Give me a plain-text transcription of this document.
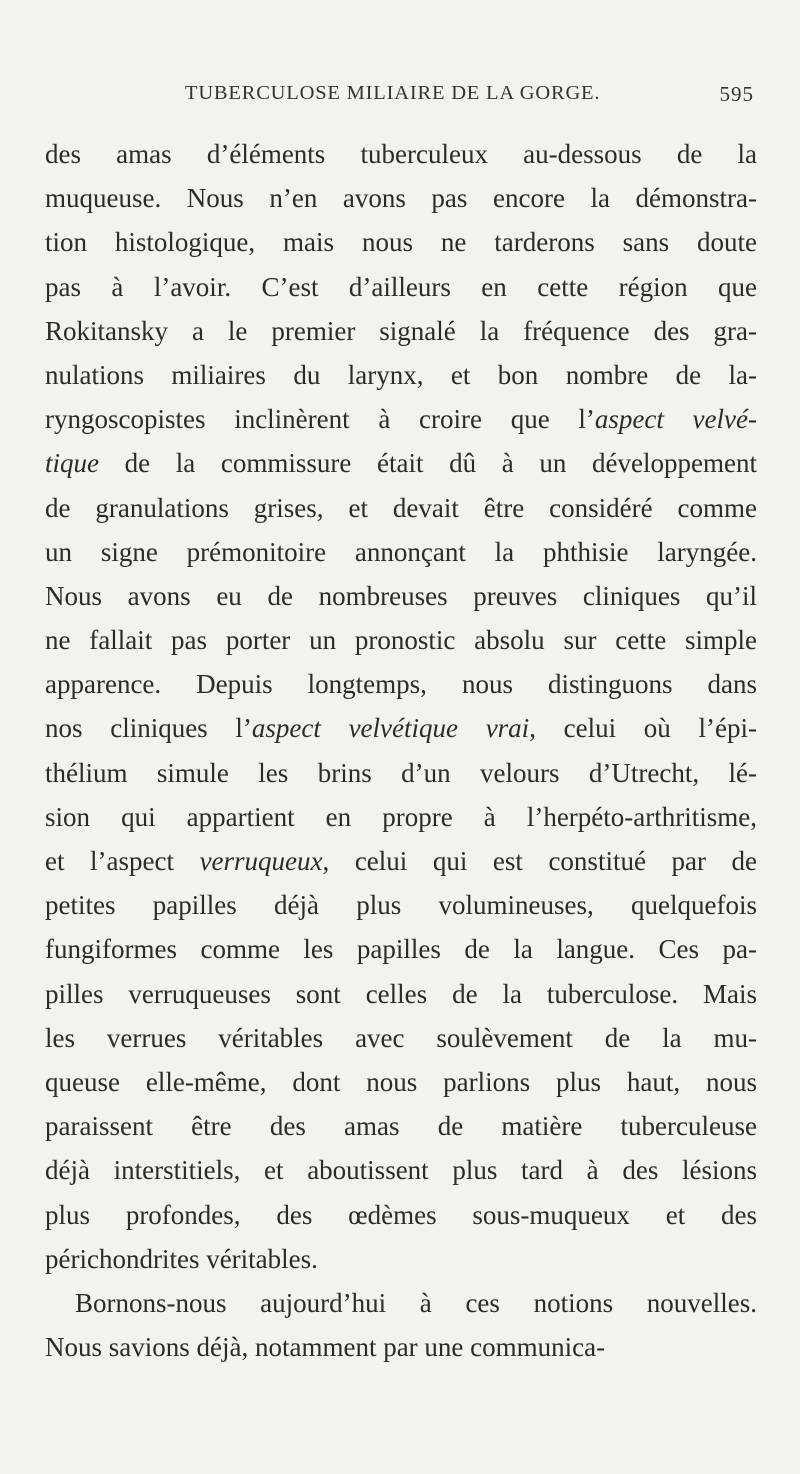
TUBERCULOSE MILIAIRE DE LA GORGE.	595
des amas d’éléments tuberculeux au-dessous de la
muqueuse. Nous n’en avons pas encore la démonstra-
tion histologique, mais nous ne tarderons sans doute
pas à l’avoir. C’est d’ailleurs en cette région que
Rokitansky a le premier signalé la fréquence des gra-
nulations miliaires du larynx, et bon nombre de la-
ryngoscopistes inclinèrent à croire que l’aspect velvé-
tique de la commissure était dû à un développement
de granulations grises, et devait être considéré comme
un signe prémonitoire annonçant la phthisie laryngée.
Nous avons eu de nombreuses preuves cliniques qu’il
ne fallait pas porter un pronostic absolu sur cette simple
apparence. Depuis longtemps, nous distinguons dans
nos cliniques l’aspect velvétique vrai, celui où l’épi-
thélium simule les brins d’un velours d’Utrecht, lé-
sion qui appartient en propre à l’herpéto-arthritisme,
et l’aspect verruqueux, celui qui est constitué par de
petites papilles déjà plus volumineuses, quelquefois
fungiformes comme les papilles de la langue. Ces pa-
pilles verruqueuses sont celles de la tuberculose. Mais
les verrues véritables avec soulèvement de la mu-
queuse elle-même, dont nous parlions plus haut, nous
paraissent être des amas de matière tuberculeuse
déjà interstitiels, et aboutissent plus tard à des lésions
plus profondes, des œdèmes sous-muqueux et des
périchondrites véritables.
Bornons-nous aujourd’hui à ces notions nouvelles.
Nous savions déjà, notamment par une communica-
